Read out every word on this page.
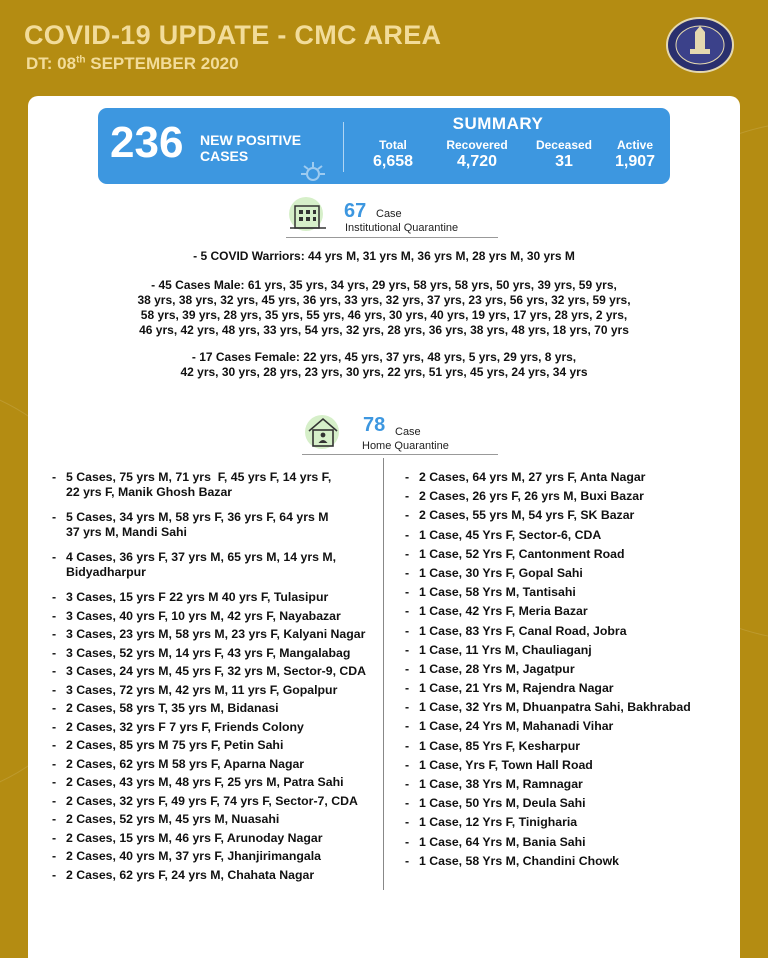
COVID-19 UPDATE - CMC AREA

DT: 08th SEPTEMBER 2020

236 NEW POSITIVE CASES
SUMMARY
Total
6,658
Recovered
4,720
Deceased
31
Active
1,907
67 Case
Institutional Quarantine

- 5 COVID Warriors: 44 yrs M, 31 yrs M, 36 yrs M, 28 yrs M, 30 yrs M

- 45 Cases Male: 61 yrs, 35 yrs, 34 yrs, 29 yrs, 58 yrs, 58 yrs, 50 yrs, 39 yrs, 59 yrs,
38 yrs, 38 yrs, 32 yrs, 45 yrs, 36 yrs, 33 yrs, 32 yrs, 37 yrs, 23 yrs, 56 yrs, 32 yrs, 59 yrs,
58 yrs, 39 yrs, 28 yrs, 35 yrs, 55 yrs, 46 yrs, 30 yrs, 40 yrs, 19 yrs, 17 yrs, 28 yrs, 2 yrs,
46 yrs, 42 yrs, 48 yrs, 33 yrs, 54 yrs, 32 yrs, 28 yrs, 36 yrs, 38 yrs, 48 yrs, 18 yrs, 70 yrs

- 17 Cases Female: 22 yrs, 45 yrs, 37 yrs, 48 yrs, 5 yrs, 29 yrs, 8 yrs,
42 yrs, 30 yrs, 28 yrs, 23 yrs, 30 yrs, 22 yrs, 51 yrs, 45 yrs, 24 yrs, 34 yrs

78 Case
Home Quarantine
- 5 Cases, 75 yrs M, 71 yrs  F, 45 yrs F, 14 yrs F,
22 yrs F, Manik Ghosh Bazar
- 5 Cases, 34 yrs M, 58 yrs F, 36 yrs F, 64 yrs M
37 yrs M, Mandi Sahi
- 4 Cases, 36 yrs F, 37 yrs M, 65 yrs M, 14 yrs M,
Bidyadharpur
- 3 Cases, 15 yrs F 22 yrs M 40 yrs F, Tulasipur
- 3 Cases, 40 yrs F, 10 yrs M, 42 yrs F, Nayabazar
- 3 Cases, 23 yrs M, 58 yrs M, 23 yrs F, Kalyani Nagar
- 3 Cases, 52 yrs M, 14 yrs F, 43 yrs F, Mangalabag
- 3 Cases, 24 yrs M, 45 yrs F, 32 yrs M, Sector-9, CDA
- 3 Cases, 72 yrs M, 42 yrs M, 11 yrs F, Gopalpur
- 2 Cases, 58 yrs T, 35 yrs M, Bidanasi
- 2 Cases, 32 yrs F 7 yrs F, Friends Colony
- 2 Cases, 85 yrs M 75 yrs F, Petin Sahi
- 2 Cases, 62 yrs M 58 yrs F, Aparna Nagar
- 2 Cases, 43 yrs M, 48 yrs F, 25 yrs M, Patra Sahi
- 2 Cases, 32 yrs F, 49 yrs F, 74 yrs F, Sector-7, CDA
- 2 Cases, 52 yrs M, 45 yrs M, Nuasahi
- 2 Cases, 15 yrs M, 46 yrs F, Arunoday Nagar
- 2 Cases, 40 yrs M, 37 yrs F, Jhanjirimangala
- 2 Cases, 62 yrs F, 24 yrs M, Chahata Nagar
- 2 Cases, 64 yrs M, 27 yrs F, Anta Nagar
- 2 Cases, 26 yrs F, 26 yrs M, Buxi Bazar
- 2 Cases, 55 yrs M, 54 yrs F, SK Bazar
- 1 Case, 45 Yrs F, Sector-6, CDA
- 1 Case, 52 Yrs F, Cantonment Road
- 1 Case, 30 Yrs F, Gopal Sahi
- 1 Case, 58 Yrs M, Tantisahi
- 1 Case, 42 Yrs F, Meria Bazar
- 1 Case, 83 Yrs F, Canal Road, Jobra
- 1 Case, 11 Yrs M, Chauliaganj
- 1 Case, 28 Yrs M, Jagatpur
- 1 Case, 21 Yrs M, Rajendra Nagar
- 1 Case, 32 Yrs M, Dhuanpatra Sahi, Bakhrabad
- 1 Case, 24 Yrs M, Mahanadi Vihar
- 1 Case, 85 Yrs F, Kesharpur
- 1 Case, Yrs F, Town Hall Road
- 1 Case, 38 Yrs M, Ramnagar
- 1 Case, 50 Yrs M, Deula Sahi
- 1 Case, 12 Yrs F, Tinigharia
- 1 Case, 64 Yrs M, Bania Sahi
- 1 Case, 58 Yrs M, Chandini Chowk
